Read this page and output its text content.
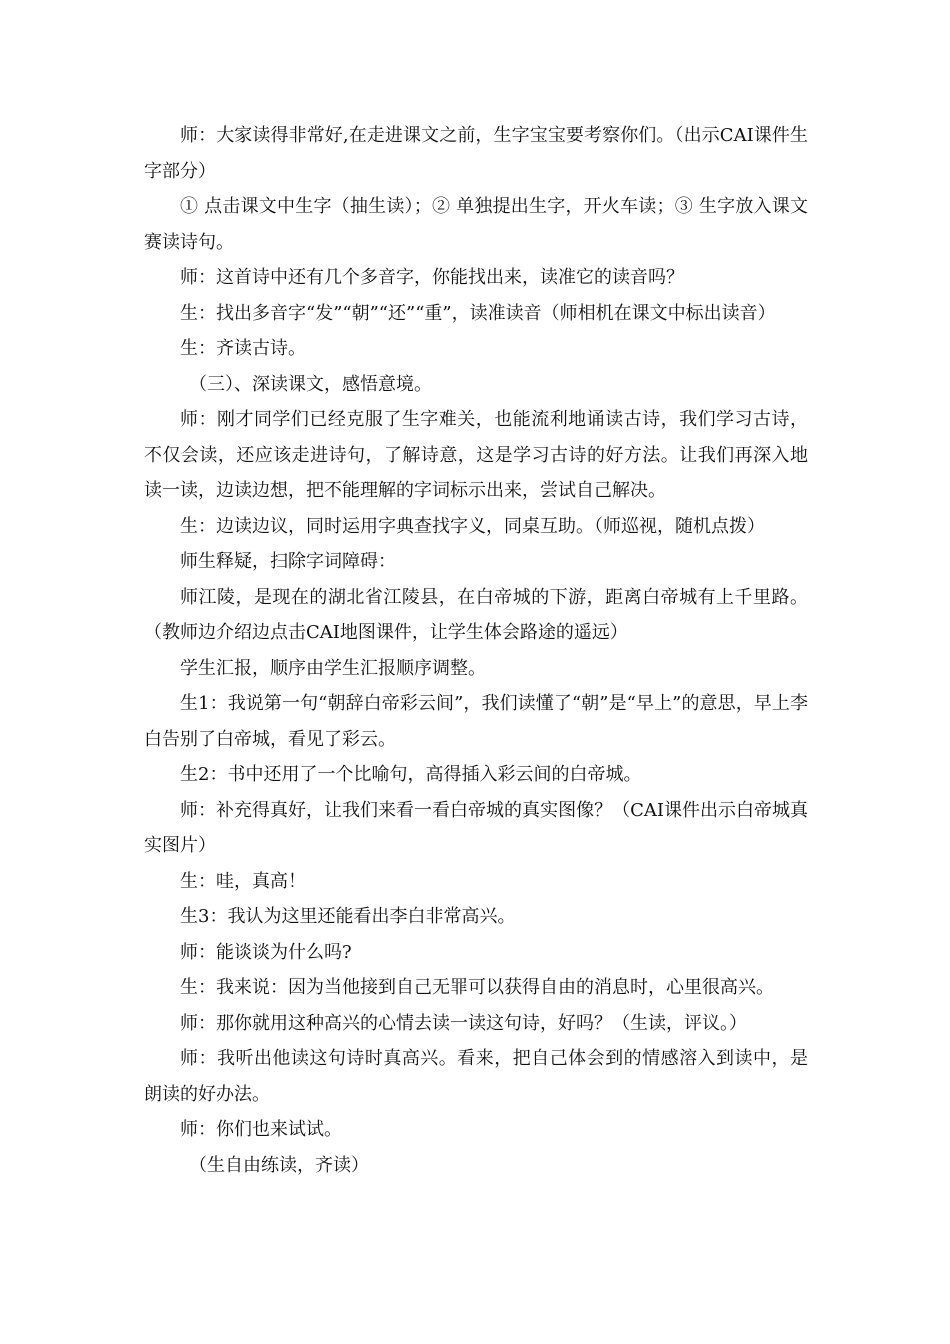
师：大家读得非常好,在走进课文之前，生字宝宝要考察你们。（出示CAI课件生字部分）

① 点击课文中生字（抽生读）；② 单独提出生字，开火车读；③ 生字放入课文赛读诗句。

师：这首诗中还有几个多音字，你能找出来，读准它的读音吗？

生：找出多音字“发”“朝”“还”“重”，读准读音（师相机在课文中标出读音）

生：齐读古诗。

（三）、深读课文，感悟意境。

师：刚才同学们已经克服了生字难关，也能流利地诵读古诗，我们学习古诗，不仅会读，还应该走进诗句，了解诗意，这是学习古诗的好方法。让我们再深入地读一读，边读边想，把不能理解的字词标示出来，尝试自己解决。

生：边读边议，同时运用字典查找字义，同桌互助。（师巡视，随机点拨）

师生释疑，扫除字词障碍：

师江陵，是现在的湖北省江陵县，在白帝城的下游，距离白帝城有上千里路。（教师边介绍边点击CAI地图课件，让学生体会路途的遥远）

学生汇报，顺序由学生汇报顺序调整。

生1：我说第一句“朝辞白帝彩云间”，我们读懂了“朝”是“早上”的意思，早上李白告别了白帝城，看见了彩云。

生2：书中还用了一个比喻句，高得插入彩云间的白帝城。

师：补充得真好，让我们来看一看白帝城的真实图像？（CAI课件出示白帝城真实图片）

生：哇，真高！

生3：我认为这里还能看出李白非常高兴。

师：能谈谈为什么吗?

生：我来说：因为当他接到自己无罪可以获得自由的消息时，心里很高兴。

师：那你就用这种高兴的心情去读一读这句诗，好吗？（生读，评议。）

师：我听出他读这句诗时真高兴。看来，把自己体会到的情感溶入到读中，是朗读的好办法。

师：你们也来试试。

（生自由练读，齐读）
